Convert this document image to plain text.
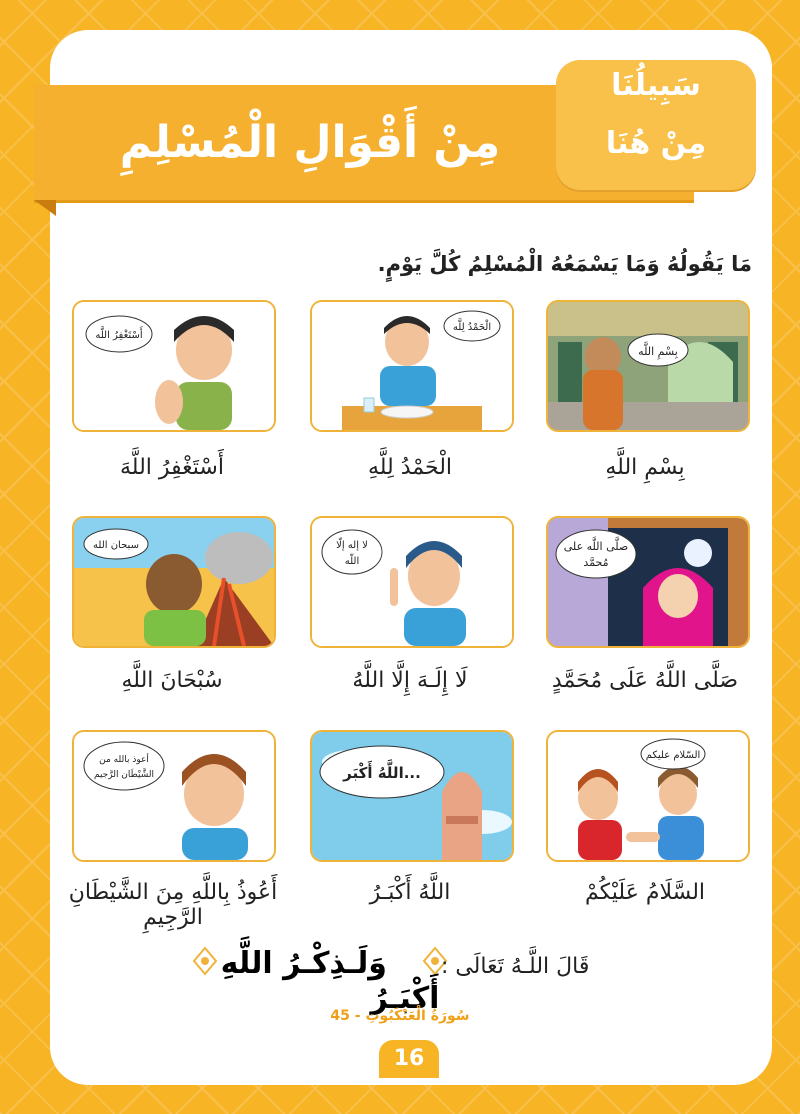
مِنْ أَقْوَالِ الْمُسْلِمِ
سَبِيلُنَا
مِنْ هُنَا
مَا يَقُولُهُ وَمَا يَسْمَعُهُ الْمُسْلِمُ كُلَّ يَوْمٍ.
بِسْمِ اللَّه
الْحَمْدُ لِلَّه
أَسْتَغْفِرُ اللَّه
بِسْمِ اللَّهِ
الْحَمْدُ لِلَّهِ
أَسْتَغْفِرُ اللَّهَ
صلَّى اللَّه على
مُحمَّد
لا إله إلّا
اللّه
سبحان الله
صَلَّى اللَّهُ عَلَى مُحَمَّدٍ
لَا إِلَـهَ إِلَّا اللَّهُ
سُبْحَانَ اللَّهِ
السّلام عليكم
اللَّهُ أَكْبَر...
أعوذ بالله من
الشَّيْطَان الرَّجيم
السَّلَامُ عَلَيْكُمْ
اللَّهُ أَكْبَـرُ
أَعُوذُ بِاللَّهِ مِنَ الشَّيْطَانِ الرَّجِيمِ
قَالَ اللَّـهُ تَعَالَى :  وَلَـذِكْـرُ اللَّهِ أَكْبَـرُ
سُورَةُ الْعَنْكَبُوتِ - 45
16
